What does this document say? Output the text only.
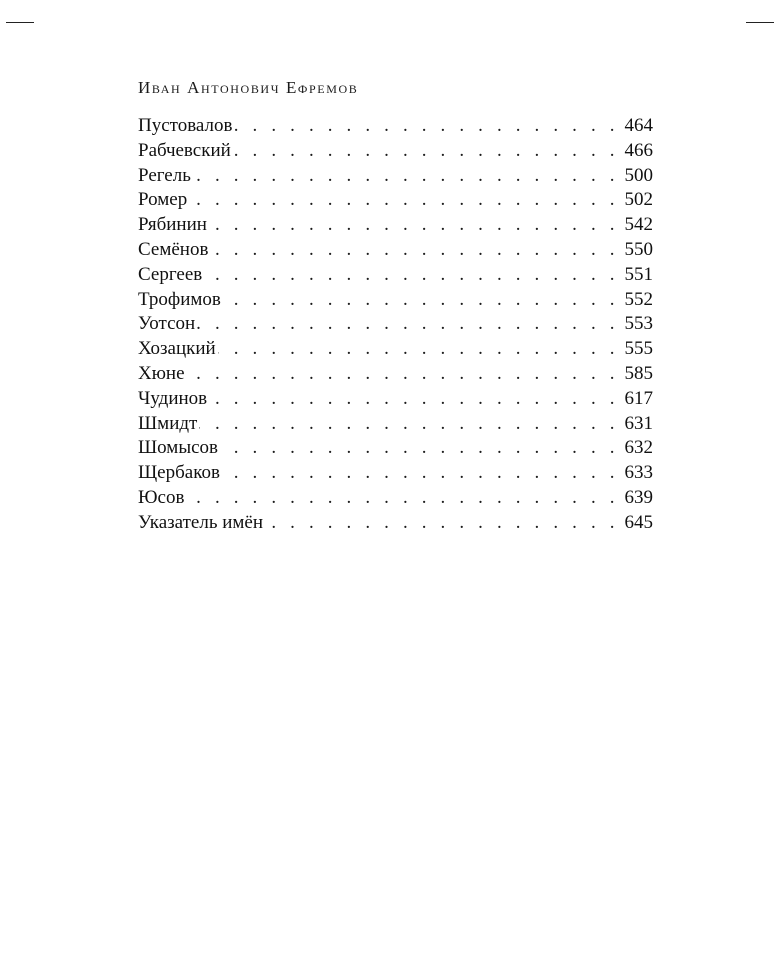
Иван Антонович Ефремов
Пустовалов . . .	464
Рабчевский . . .	466
Регель . . .	500
Ромер . . .	502
Рябинин . . .	542
Семёнов . . .	550
Сергеев . . .	551
Трофимов . . .	552
Уотсон . . .	553
Хозацкий . . .	555
Хюне . . .	585
Чудинов . . .	617
Шмидт . . .	631
Шомысов . . .	632
Щербаков . . .	633
Юсов . . .	639
Указатель имён . . .	645
